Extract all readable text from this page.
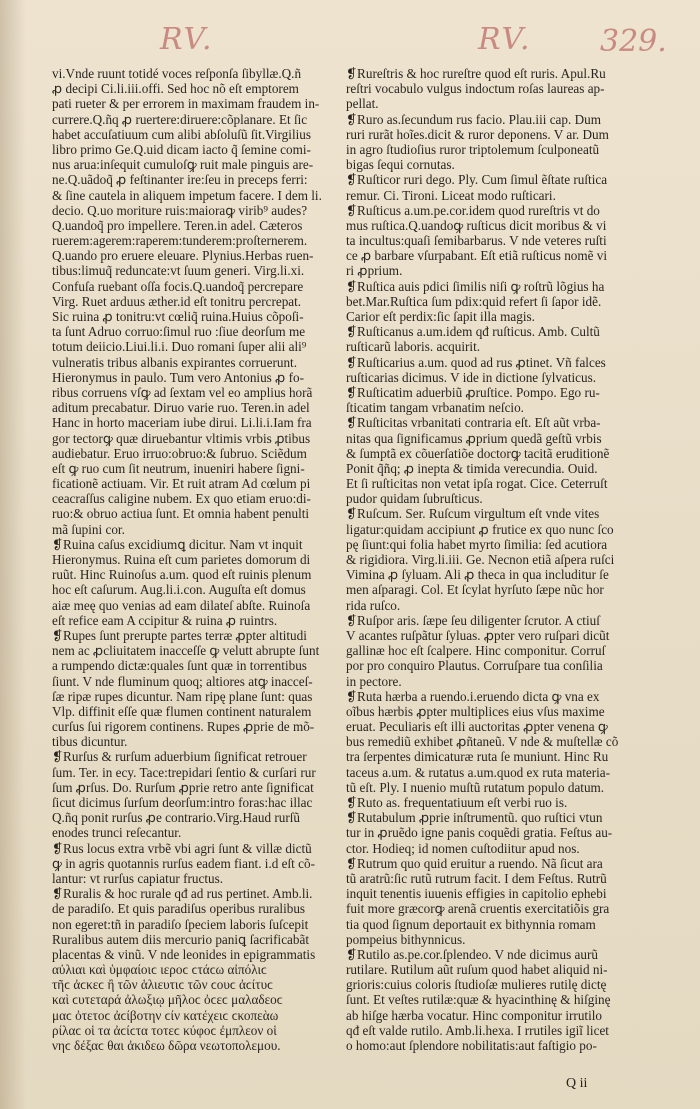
RV.	RV. 329.
vi.Vnde ruunt totidé voces reſponſa ſibyllæ.Q.ñ
ꝓ decipi Ci.li.iii.offi. Sed hoc nõ eſt emptorem
pati rueter & per errorem in maximam fraudem in-
currere.Q.ñq ꝓ ruertere:diruere:cõplanare. Et ſic
habet accuſatiuum cum alibi abſoluſũ ſit.Virgilius
libro primo Ge.Q.uid dicam iacto q̃ ſemine comi-
nus arua:inſequit cumuloſꝙ ruit male pinguis are-
ne.Q.uãdoq̃ ꝓ feſtinanter ire:ſeu in preceps ferri:
& ſine cautela in aliquem impetum facere. I dem li.
decio. Q.uo moriture ruis:maioraꝙ virib⁹ audes?
Q.uandoq̃ pro impellere. Teren.in adel. Cæteros
ruerem:agerem:raperem:tunderem:proſternerem.
Q.uando pro eruere eleuare. Plynius.Herbas ruen-
tibus:limuq̃ reduncate:vt ſuum generi. Virg.li.xi.
Confuſa ruebant oſſa focis.Q.uandoq̃ percrepare
Virg. Ruet arduus æther.id eſt tonitru percrepat.
Sic ruina ꝓ tonitru:vt cœliq̃ ruina.Huius cõpoſi-
ta ſunt Adruo corruo:ſimul ruo :ſiue deorſum me
totum deiicio.Liui.li.i. Duo romani ſuper alii ali⁹
vulneratis tribus albanis expirantes corruerunt.
Hieronymus in paulo. Tum vero Antonius ꝓ fo-
ribus corruens vſꝙ ad ſextam vel eo amplius horã
aditum precabatur. Diruo varie ruo. Teren.in adel
Hanc in horto maceriam iube dirui. Li.li.i.Iam fra
gor tectorꝙ quæ diruebantur vltimis vrbis ꝓtibus
audiebatur. Eruo irruo:obruo:& ſubruo. Sciẽdum
eſt ꝙ ruo cum ſit neutrum, inueniri habere ſigni-
ficationẽ actiuam. Vir. Et ruit atram Ad cœlum pi
ceacraſſus caligine nubem. Ex quo etiam eruo:di-
ruo:& obruo actiua ſunt. Et omnia habent penulti
mã ſupini cor.
❡Ruina caſus excidiumꝗ dicitur. Nam vt inquit
Hieronymus. Ruina eſt cum parietes domorum di
ruũt. Hinc Ruinoſus a.um. quod eſt ruinis plenum
hoc eſt caſurum. Aug.li.i.con. Auguſta eſt domus
aiæ meę quo venias ad eam dilateſ abſte. Ruinoſa
eſt refice eam A ccipitur & ruina ꝓ ruintrs.
❡Rupes ſunt prerupte partes terræ ꝓpter altitudi
nem ac ꝓcliuitatem inacceſſe ꝙ velutt abrupte ſunt
a rumpendo dictæ:quales ſunt quæ in torrentibus
ſiunt. V nde fluminum quoq; altiores atꝙ inacceſ-
ſæ ripæ rupes dicuntur. Nam ripę plane ſunt: quas
Vlp. diffinit eſſe quæ flumen continent naturalem
curſus ſui rigorem continens. Rupes ꝓprie de mõ-
tibus dicuntur.
❡Rurſus & rurſum aduerbium ſignificat retrouer
ſum. Ter. in ecy. Tace:trepidari ſentio & curſari rur
ſum ꝓrſus. Do. Rurſum ꝓprie retro ante ſignificat
ſicut dicimus ſurſum deorſum:intro foras:hac illac
Q.ñq ponit rurſus ꝓe contrario.Virg.Haud rurſũ
enodes trunci reſecantur.
❡Rus locus extra vrbẽ vbi agri ſunt & villæ dictũ
ꝙ in agris quotannis rurſus eadem fiant. i.d eſt cõ-
lantur: vt rurſus capiatur fructus.
❡Ruralis & hoc rurale qđ ad rus pertinet. Amb.li.
de paradiſo. Et quis paradiſus operibus ruralibus
non egeret:tñ in paradiſo ſpeciem laboris ſuſcepit
Ruralibus autem diis mercurio paniꝗ ſacrificabãt
placentas & vinũ. V nde leonides in epigrammatis
αὐλιαι καὶ ὑμφαίοιϲ ιεροϲ ϲτάϲω αἰπόλιϲ
τῆϲ ἀϲκεϲ ἢ τῶν ἁλιευτιϲ τῶν ϲουϲ ἀϲίτυϲ
καὶ ϲυτεταρά ἀλωξιῳ μῆλοϲ ὀϲεϲ μαλαδεοϲ
μαϲ ὀτετοϲ ἀϲίβοτην ϲίν κατέχειϲ ϲκοπεὰω
ρίλαϲ οἱ τα ἀϲίϲτα τοτεϲ κύφοϲ ἐμπλεον οἱ
νηϲ δέξαϲ θαι ἀκιδεω δῶρα νεωτοπολεμου.
❡Rureſtris & hoc rureſtre quod eſt ruris. Apul.Ru
reſtri vocabulo vulgus indoctum roſas laureas ap-
pellat.
❡Ruro as.ſecundum rus facio. Plau.iii cap. Dum
ruri rurãt hoĩes.dicit & ruror deponens. V ar. Dum
in agro ſtudioſius ruror triptolemum ſculponeatũ
bigas ſequi cornutas.
❡Ruſticor ruri dego. Ply. Cum ſimul ẽſtate ruſtica
remur. Ci. Tironi. Liceat modo ruſticari.
❡Ruſticus a.um.pe.cor.idem quod rureſtris vt do
mus ruſtica.Q.uandoꝙ ruſticus dicit moribus & vi
ta incultus:quaſi ſemibarbarus. V nde veteres ruſti
ce ꝓ barbare vſurpabant. Eſt etiã ruſticus nomẽ vi
ri ꝓprium.
❡Ruſtica auis pdici ſimilis niſi ꝙ roſtrũ lõgius ha
bet.Mar.Ruſtica ſum pdix:quid refert ſi ſapor idẽ.
Carior eſt perdix:ſic ſapit illa magis.
❡Ruſticanus a.um.idem qđ ruſticus. Amb. Cultũ
ruſticarũ laboris. acquirit.
❡Ruſticarius a.um. quod ad rus ꝓtinet. Vñ falces
ruſticarias dicimus. V ide in dictione ſylvaticus.
❡Ruſticatim aduerbiũ ꝓruſtice. Pompo. Ego ru-
ſticatim tangam vrbanatim neſcio.
❡Ruſticitas vrbanitati contraria eſt. Eſt aũt vrba-
nitas qua ſignificamus ꝓprium quedã geſtũ vrbis
& ſumptã ex cõuerſatiõe doctorꝙ tacitã eruditionẽ
Ponit q̃ñq; ꝓ inepta & timida verecundia. Ouid.
Et ſi ruſticitas non vetat ipſa rogat. Cice. Ceterruſt
pudor quidam ſubruſticus.
❡Ruſcum. Ser. Ruſcum virgultum eſt vnde vites
ligatur:quidam accipiunt ꝓ frutice ex quo nunc ſco
pę ſiunt:qui folia habet myrto ſimilia: ſed acutiora
& rigidiora. Virg.li.iii. Ge. Necnon etiã aſpera ruſci
Vimina ꝓ ſyluam. Ali ꝓ theca in qua includitur ſe
men aſparagi. Col. Et ſcylat hyrſuto ſæpe nũc hor
rida ruſco.
❡Ruſpor aris. ſæpe ſeu diligenter ſcrutor. A ctiuſ
V acantes ruſpãtur ſyluas. ꝓpter vero ruſpari dicũt
gallinæ hoc eſt ſcalpere. Hinc componitur. Corruſ
por pro conquiro Plautus. Corruſpare tua conſilia
in pectore.
❡Ruta hærba a ruendo.i.eruendo dicta ꝙ vna ex
oĩbus hærbis ꝓpter multiplices eius vſus maxime
eruat. Peculiaris eſt illi auctoritas ꝓpter venena ꝙ
bus remediũ exhibet ꝓñtaneũ. V nde & muſtellæ cõ
tra ſerpentes dimicaturæ ruta ſe muniunt. Hinc Ru
taceus a.um. & rutatus a.um.quod ex ruta materia-
tũ eſt. Ply. I nuenio muſtũ rutatum populo datum.
❡Ruto as. frequentatiuum eſt verbi ruo is.
❡Rutabulum ꝓprie inſtrumentũ. quo ruſtici vtun
tur in ꝓruẽdo igne panis coquẽdi gratia. Feſtus au-
ctor. Hodieq; id nomen cuſtodiitur apud nos.
❡Rutrum quo quid eruitur a ruendo. Nã ſicut ara
tũ aratrũ:ſic rutũ rutrum facit. I dem Feſtus. Rutrũ
inquit tenentis iuuenis effigies in capitolio ephebi
fuit more græcorꝙ arenã cruentis exercitatiõis gra
tia quod ſignum deportauit ex bithynnia romam
pompeius bithynnicus.
❡Rutilo as.pe.cor.ſplendeo. V nde dicimus aurũ
rutilare. Rutilum aũt ruſum quod habet aliquid ni-
grioris:cuius coloris ſtudioſæ mulieres rutilę dictę
ſunt. Et veſtes rutilæ:quæ & hyacinthinę & hiſginę
ab hiſge hærba vocatur. Hinc componitur irrutilo
qđ eſt valde rutilo. Amb.li.hexa. I rrutiles igiĩ licet
o homo:aut ſplendore nobilitatis:aut faſtigio po-
Q ii
